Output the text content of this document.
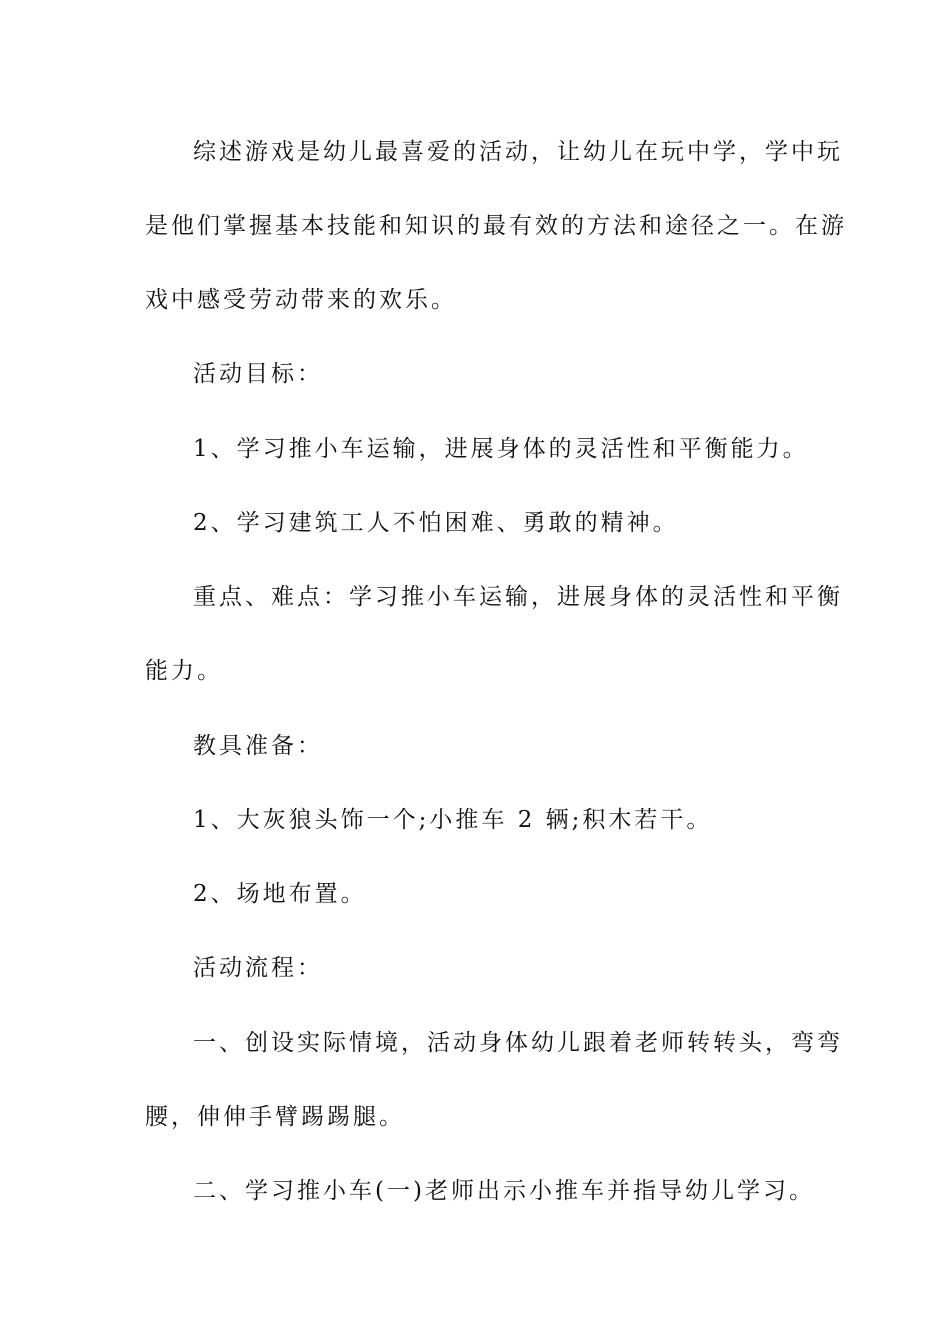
综述游戏是幼儿最喜爱的活动，让幼儿在玩中学，学中玩
是他们掌握基本技能和知识的最有效的方法和途径之一。在游
戏中感受劳动带来的欢乐。
活动目标：
1、学习推小车运输，进展身体的灵活性和平衡能力。
2、学习建筑工人不怕困难、勇敢的精神。
重点、难点：学习推小车运输，进展身体的灵活性和平衡
能力。
教具准备：
1、大灰狼头饰一个;小推车 2 辆;积木若干。
2、场地布置。
活动流程：
一、创设实际情境，活动身体幼儿跟着老师转转头，弯弯
腰，伸伸手臂踢踢腿。
二、学习推小车(一)老师出示小推车并指导幼儿学习。
